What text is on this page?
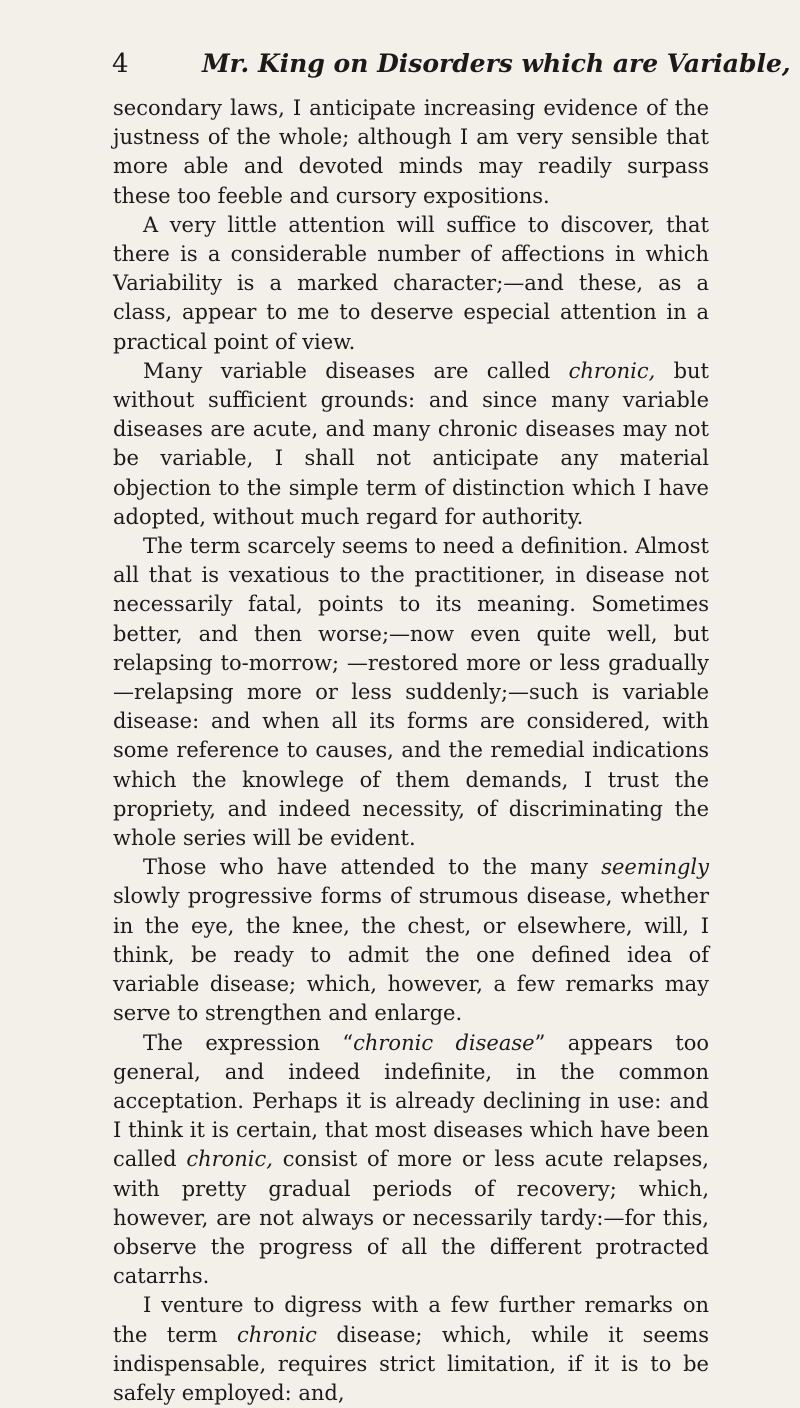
4	Mr. King on Disorders which are Variable,

secondary laws, I anticipate increasing evidence of the justness of the whole; although I am very sensible that more able and devoted minds may readily surpass these too feeble and cursory expositions.

A very little attention will suffice to discover, that there is a considerable number of affections in which Variability is a marked character;—and these, as a class, appear to me to deserve especial attention in a practical point of view.

Many variable diseases are called chronic, but without sufficient grounds: and since many variable diseases are acute, and many chronic diseases may not be variable, I shall not anticipate any material objection to the simple term of distinction which I have adopted, without much regard for authority.

The term scarcely seems to need a definition. Almost all that is vexatious to the practitioner, in disease not necessarily fatal, points to its meaning. Sometimes better, and then worse;—now even quite well, but relapsing to-morrow; —restored more or less gradually—relapsing more or less suddenly;—such is variable disease: and when all its forms are considered, with some reference to causes, and the remedial indications which the knowlege of them demands, I trust the propriety, and indeed necessity, of discriminating the whole series will be evident.

Those who have attended to the many seemingly slowly progressive forms of strumous disease, whether in the eye, the knee, the chest, or elsewhere, will, I think, be ready to admit the one defined idea of variable disease; which, however, a few remarks may serve to strengthen and enlarge.

The expression “chronic disease” appears too general, and indeed indefinite, in the common acceptation. Perhaps it is already declining in use: and I think it is certain, that most diseases which have been called chronic, consist of more or less acute relapses, with pretty gradual periods of recovery; which, however, are not always or necessarily tardy:—for this, observe the progress of all the different protracted catarrhs.

I venture to digress with a few further remarks on the term chronic disease; which, while it seems indispensable, requires strict limitation, if it is to be safely employed: and,
